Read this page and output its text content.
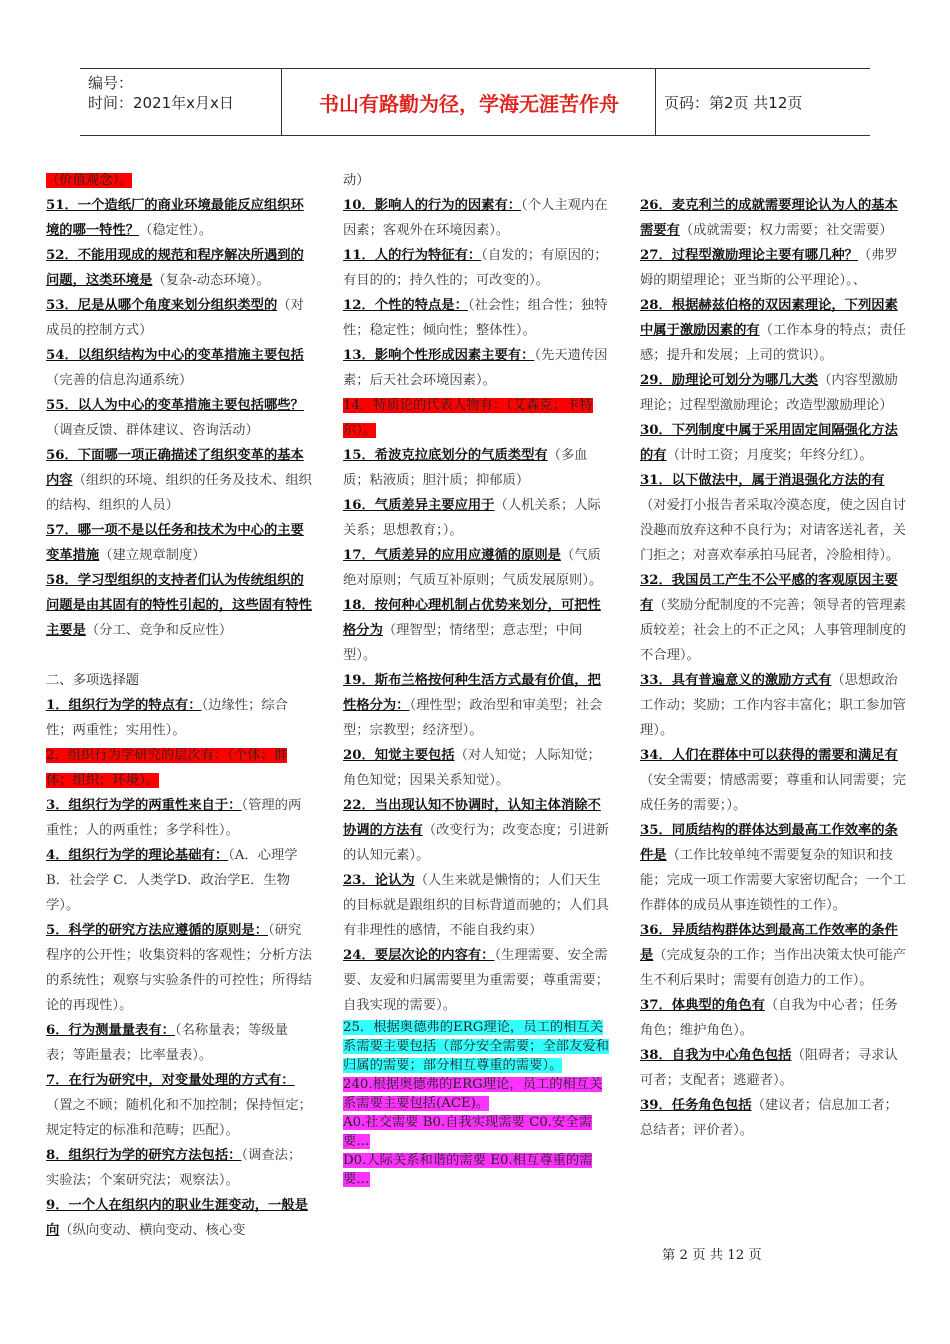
编号：
时间：2021年x月x日	书山有路勤为径，学海无涯苦作舟	页码：第2页 共12页

（价值观念）。

51．一个造纸厂的商业环境最能反应组织环境的哪一特性？（稳定性）。

52．不能用现成的规范和程序解决所遇到的问题，这类环境是（复杂-动态环境）。

53．尼是从哪个角度来划分组织类型的（对成员的控制方式）

54．以组织结构为中心的变革措施主要包括（完善的信息沟通系统）

55．以人为中心的变革措施主要包括哪些？（调查反馈、群体建议、咨询活动）

56．下面哪一项正确描述了组织变革的基本内容（组织的环境、组织的任务及技术、组织的结构、组织的人员）

57．哪一项不是以任务和技术为中心的主要变革措施（建立规章制度）

58．学习型组织的支持者们认为传统组织的问题是由其固有的特性引起的，这些固有特性主要是（分工、竞争和反应性）

二、多项选择题

1．组织行为学的特点有：（边缘性；综合性；两重性；实用性）。

2．组织行为学研究的层次有：（个体；群体；组织；环境）。

3．组织行为学的两重性来自于：（管理的两重性；人的两重性；多学科性）。

4．组织行为学的理论基础有：（A．心理学B．社会学 C．人类学D．政治学E．生物学）。

5．科学的研究方法应遵循的原则是：（研究程序的公开性；收集资料的客观性；分析方法的系统性；观察与实验条件的可控性；所得结论的再现性）。

6．行为测量量表有：（名称量表；等级量表；等距量表；比率量表）。

7．在行为研究中，对变量处理的方式有：（置之不顾；随机化和不加控制；保持恒定；规定特定的标准和范畴；匹配）。

8．组织行为学的研究方法包括：（调查法；实验法；个案研究法；观察法）。

9．一个人在组织内的职业生涯变动，一般是向（纵向变动、横向变动、核心变

动）

10．影响人的行为的因素有：（个人主观内在因素；客观外在环境因素）。

11．人的行为特征有：（自发的；有原因的；有目的的；持久性的；可改变的）。

12．个性的特点是：（社会性；组合性；独特性；稳定性；倾向性；整体性）。

13．影响个性形成因素主要有：（先天遗传因素；后天社会环境因素）。

14．特质论的代表人物有：（艾森克；卡特尔）。

15．希波克拉底划分的气质类型有（多血质；粘液质；胆汁质；抑郁质）

16．气质差异主要应用于（人机关系；人际关系；思想教育；）。

17．气质差异的应用应遵循的原则是（气质绝对原则；气质互补原则；气质发展原则）。

18．按何种心理机制占优势来划分，可把性格分为（理智型；情绪型；意志型；中间型）。

19．斯布兰格按何种生活方式最有价值，把性格分为：（理性型；政治型和审美型；社会型；宗教型；经济型）。

20．知觉主要包括（对人知觉；人际知觉；角色知觉；因果关系知觉）。

22．当出现认知不协调时，认知主体消除不协调的方法有（改变行为；改变态度；引进新的认知元素）。

23．论认为（人生来就是懒惰的；人们天生的目标就是跟组织的目标背道而驰的；人们具有非理性的感情，不能自我约束）

24．要层次论的内容有：（生理需要、安全需要、友爱和归属需要里为重需要；尊重需要；自我实现的需要）。

25．根据奥德弗的ERG理论，员工的相互关系需要主要包括（部分安全需要；全部友爱和归属的需要；部分相互尊重的需要）。

240.根据奥德弗的ERG理论，员工的相互关系需要主要包括(ACE)。

A0.社交需要 B0.自我实现需要 C0.安全需要…

D0.人际关系和谐的需要 E0.相互尊重的需要…

26．麦克利兰的成就需要理论认为人的基本需要有（成就需要；权力需要；社交需要）

27．过程型激励理论主要有哪几种？（弗罗姆的期望理论；亚当斯的公平理论）。、

28．根据赫兹伯格的双因素理论，下列因素中属于激励因素的有（工作本身的特点；责任感；提升和发展；上司的赏识）。

29．励理论可划分为哪几大类（内容型激励理论；过程型激励理论；改造型激励理论）

30．下列制度中属于采用固定间隔强化方法的有（计时工资；月度奖；年终分红）。

31．以下做法中，属于消退强化方法的有（对爱打小报告者采取冷漠态度，使之因自讨没趣而放弃这种不良行为；对请客送礼者，关门拒之；对喜欢奉承拍马屁者，冷脸相待）。

32．我国员工产生不公平感的客观原因主要有（奖励分配制度的不完善；领导者的管理素质较差；社会上的不正之风；人事管理制度的不合理）。

33．具有普遍意义的激励方式有（思想政治工作动；奖励；工作内容丰富化；职工参加管理）。

34．人们在群体中可以获得的需要和满足有（安全需要；情感需要；尊重和认同需要；完成任务的需要；）。

35．同质结构的群体达到最高工作效率的条件是（工作比较单纯不需要复杂的知识和技能；完成一项工作需要大家密切配合；一个工作群体的成员从事连锁性的工作）。

36．异质结构群体达到最高工作效率的条件是（完成复杂的工作；当作出决策太快可能产生不利后果时；需要有创造力的工作）。

37．体典型的角色有（自我为中心者；任务角色；维护角色）。

38．自我为中心角色包括（阻碍者；寻求认可者；支配者；逃避者）。

39．任务角色包括（建议者；信息加工者；总结者；评价者）。

第 2 页 共 12 页
